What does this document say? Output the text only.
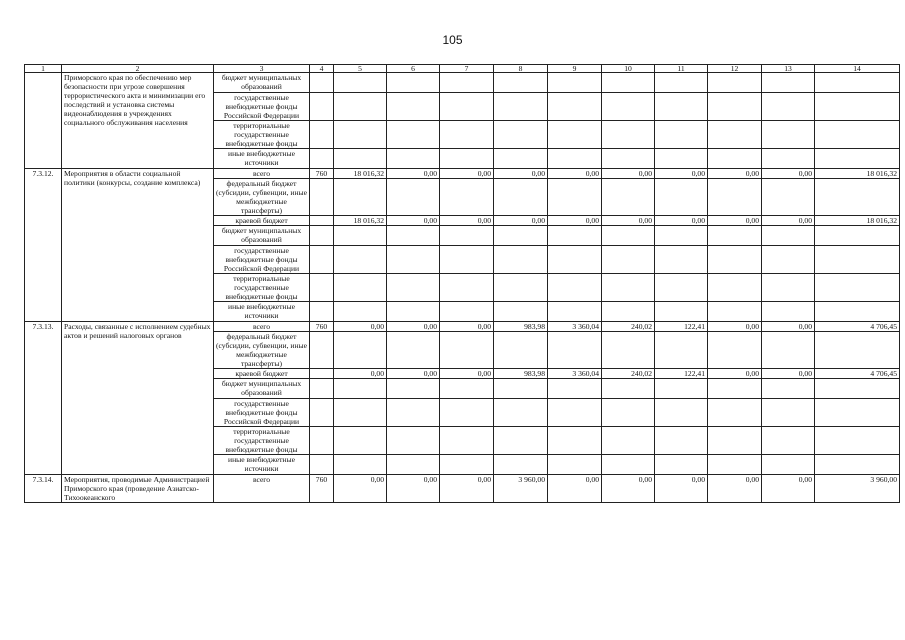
105
1	2	3	4	5	6	7	8	9	10	11	12	13	14
	Приморского края по обеспечению мер безопасности при угрозе совершения террористического акта и минимизации его последствий и установка системы видеонаблюдения в учреждениях социального обслуживания населения	бюджет муниципальных образований											
		государственные внебюджетные фонды Российской Федерации											
		территориальные государственные внебюджетные фонды											
		иные внебюджетные источники											
7.3.12.	Мероприятия в области социальной политики (конкурсы, создание комплекса)	всего	760	18 016,32	0,00	0,00	0,00	0,00	0,00	0,00	0,00	0,00	18 016,32
		федеральный бюджет (субсидии, субвенции, иные межбюджетные трансферты)											
		краевой бюджет		18 016,32	0,00	0,00	0,00	0,00	0,00	0,00	0,00	0,00	18 016,32
		бюджет муниципальных образований											
		государственные внебюджетные фонды Российской Федерации											
		территориальные государственные внебюджетные фонды											
		иные внебюджетные источники											
7.3.13.	Расходы, связанные с исполнением судебных актов и решений налоговых органов	всего	760	0,00	0,00	0,00	983,98	3 360,04	240,02	122,41	0,00	0,00	4 706,45
		федеральный бюджет (субсидии, субвенции, иные межбюджетные трансферты)											
		краевой бюджет		0,00	0,00	0,00	983,98	3 360,04	240,02	122,41	0,00	0,00	4 706,45
		бюджет муниципальных образований											
		государственные внебюджетные фонды Российской Федерации											
		территориальные государственные внебюджетные фонды											
		иные внебюджетные источники											
7.3.14.	Мероприятия, проводимые Администрацией Приморского края (проведение Азиатско-Тихоокеанского	всего	760	0,00	0,00	0,00	3 960,00	0,00	0,00	0,00	0,00	0,00	3 960,00
